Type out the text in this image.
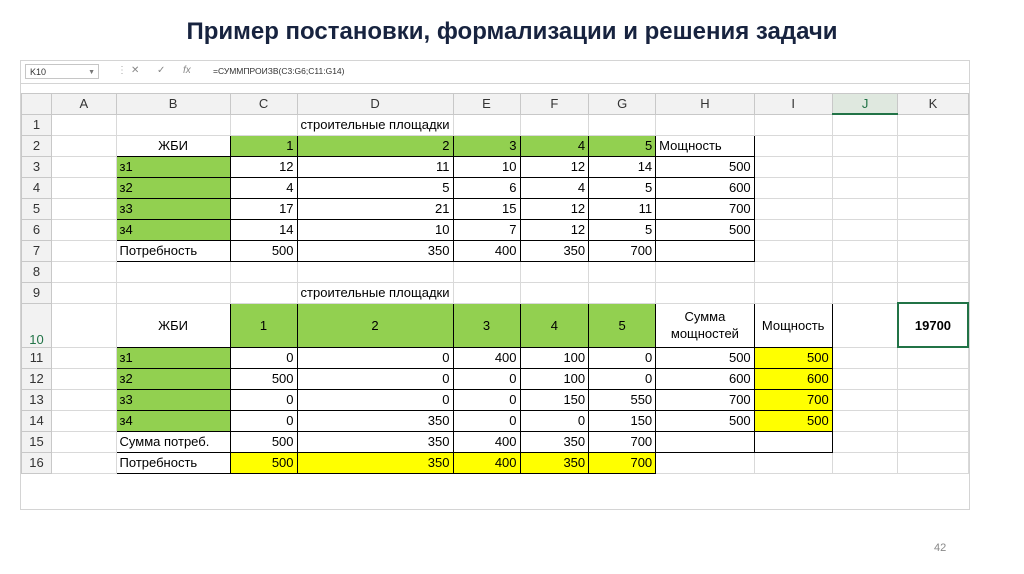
Пример постановки, формализации и решения задачи
K10	▼ ⋮ ✕ ✓ fx	=СУММПРОИЗВ(C3:G6;C11:G14)
	A	B	C	D	E	F	G	H	I	J	K
1				строительные площадки							
2		ЖБИ	1	2	3	4	5	Мощность			
3		з1	12	11	10	12	14	500			
4		з2	4	5	6	4	5	600			
5		з3	17	21	15	12	11	700			
6		з4	14	10	7	12	5	500			
7		Потребность	500	350	400	350	700				
8											
9				строительные площадки							
10		ЖБИ	1	2	3	4	5	Сумма мощностей	Мощность		19700
11		з1	0	0	400	100	0	500	500		
12		з2	500	0	0	100	0	600	600		
13		з3	0	0	0	150	550	700	700		
14		з4	0	350	0	0	150	500	500		
15		Сумма потреб.	500	350	400	350	700				
16		Потребность	500	350	400	350	700				
42
